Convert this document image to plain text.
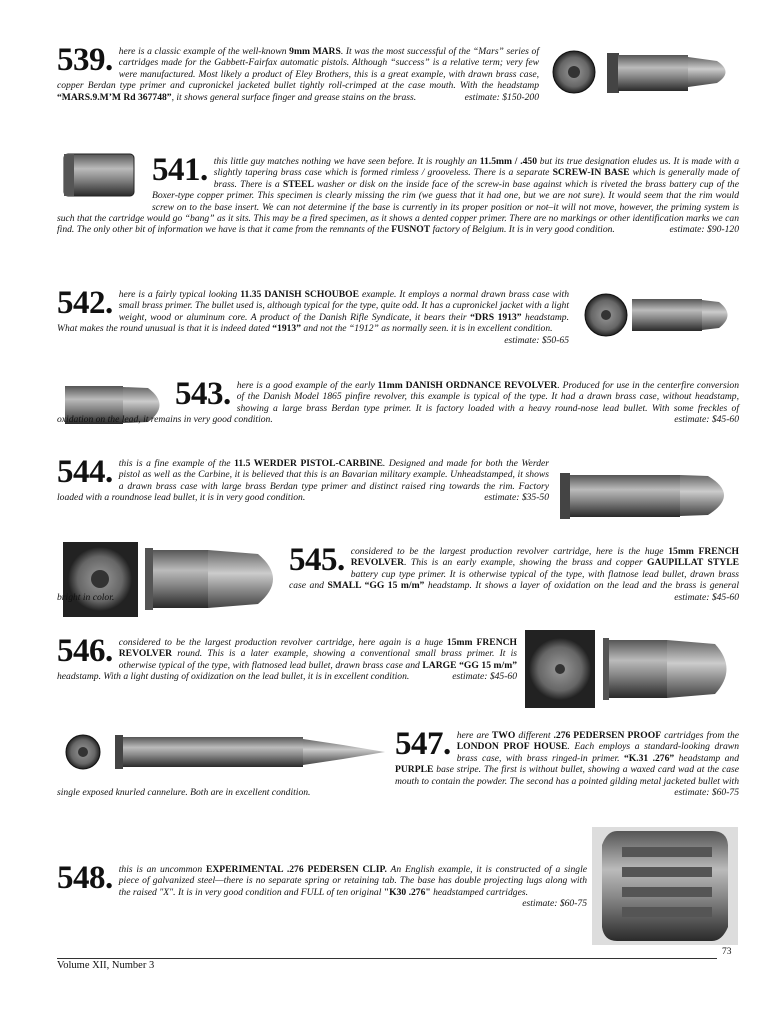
539. here is a classic example of the well-known 9mm MARS. It was the most successful of the “Mars” series of cartridges made for the Gabbett-Fairfax automatic pistols. Although “success” is a relative term; very few were manufactured. Most likely a product of Eley Brothers, this is a great example, with drawn brass case, copper Berdan type primer and cupronickel jacketed bullet tightly roll-crimped at the case mouth. With the headstamp “MARS.9.M’M Rd 367748”, it shows general surface finger and grease stains on the brass.	estimate: $150-200
541. this little guy matches nothing we have seen before. It is roughly an 11.5mm / .450 but its true designation eludes us. It is made with a slightly tapering brass case which is formed rimless / grooveless. There is a separate SCREW-IN BASE which is generally made of brass. There is a STEEL washer or disk on the inside face of the screw-in base against which is riveted the brass battery cup of the Boxer-type copper primer. This specimen is clearly missing the rim (we guess that it had one, but we are not sure). It would seem that the rim would screw on to the base insert. We can not determine if the base is currently in its proper position or not–it will not move, however, the priming system is such that the cartridge would go “bang” as it sits. This may be a fired specimen, as it shows a dented copper primer. There are no markings or other identification marks we can find. The only other bit of information we have is that it came from the remnants of the FUSNOT factory of Belgium. It is in very good condition.	estimate: $90-120
542. here is a fairly typical looking 11.35 DANISH SCHOUBOE example. It employs a normal drawn brass case with small brass primer. The bullet used is, although typical for the type, quite odd. It has a cupronickel jacket with a light weight, wood or aluminum core. A product of the Danish Rifle Syndicate, it bears their “DRS 1913” headstamp. What makes the round unusual is that it is indeed dated “1913” and not the “1912” as normally seen. it is in excellent condition.
estimate: $50-65
543. here is a good example of the early 11mm DANISH ORDNANCE REVOLVER. Produced for use in the centerfire conversion of the Danish Model 1865 pinfire revolver, this example is typical of the type. It had a drawn brass case, without headstamp, showing a large brass Berdan type primer. It is factory loaded with a heavy round-nose lead bullet. With some freckles of oxidation on the lead, it remains in very good condition.	estimate: $45-60
544. this is a fine example of the 11.5 WERDER PISTOL-CARBINE. Designed and made for both the Werder pistol as well as the Carbine, it is believed that this is an Bavarian military example. Unheadstamped, it shows a drawn brass case with large brass Berdan type primer and distinct raised ring towards the rim. Factory loaded with a roundnose lead bullet, it is in very good condition.	estimate: $35-50
545. considered to be the largest production revolver cartridge, here is the huge 15mm FRENCH REVOLVER. This is an early example, showing the brass and copper GAUPILLAT STYLE battery cup type primer. It is otherwise typical of the type, with flatnose lead bullet, drawn brass case and SMALL “GG 15 m/m” headstamp. It shows a layer of oxidation on the lead and the brass is general bright in color.	estimate: $45-60
546. considered to be the largest production revolver cartridge, here again is a huge 15mm FRENCH REVOLVER round. This is a later example, showing a conventional small brass primer. It is otherwise typical of the type, with flatnosed lead bullet, drawn brass case and LARGE “GG 15 m/m” headstamp. With a light dusting of oxidization on the lead bullet, it is in excellent condition.	estimate: $45-60
547. here are TWO different .276 PEDERSEN PROOF cartridges from the LONDON PROF HOUSE. Each employs a standard-looking drawn brass case, with brass ringed-in primer. “K.31 .276” headstamp and PURPLE base stripe. The first is without bullet, showing a waxed card wad at the case mouth to contain the powder. The second has a pointed gilding metal jacketed bullet with single exposed knurled cannelure. Both are in excellent condition.	estimate: $60-75
548. this is an uncommon EXPERIMENTAL .276 PEDERSEN CLIP. An English example, it is constructed of a single piece of galvanized steel—there is no separate spring or retaining tab. The base has double projecting lugs along with the raised "X". It is in very good condition and FULL of ten original "K30 .276" headstamped cartridges.
estimate: $60-75
73
Volume XII, Number 3
